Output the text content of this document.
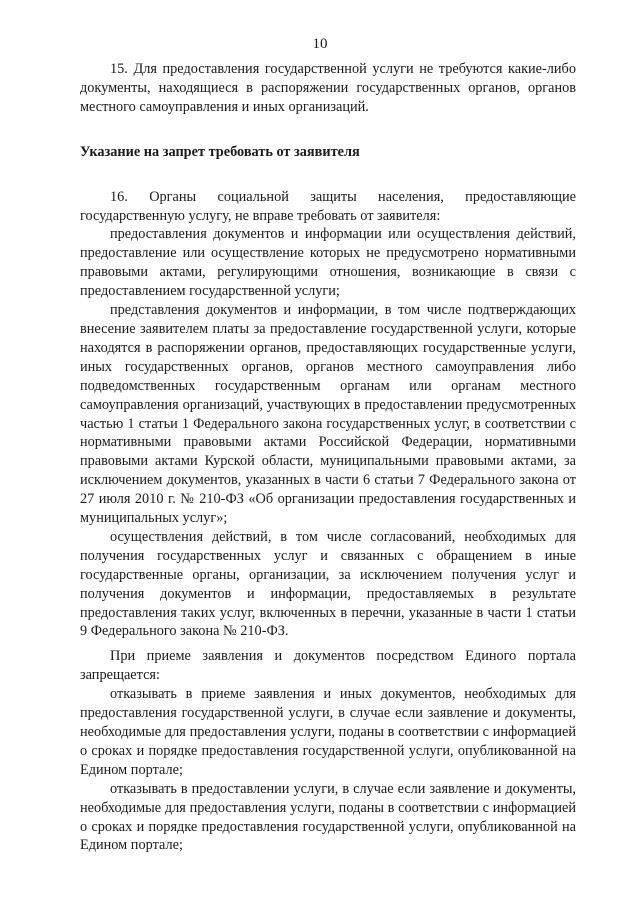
10

15. Для предоставления государственной услуги не требуются какие-либо документы, находящиеся в распоряжении государственных органов, органов местного самоуправления и иных организаций.

Указание на запрет требовать от заявителя

16. Органы социальной защиты населения, предоставляющие государственную услугу, не вправе требовать от заявителя:

предоставления документов и информации или осуществления действий, предоставление или осуществление которых не предусмотрено нормативными правовыми актами, регулирующими отношения, возникающие в связи с предоставлением государственной услуги;

представления документов и информации, в том числе подтверждающих внесение заявителем платы за предоставление государственной услуги, которые находятся в распоряжении органов, предоставляющих государственные услуги, иных государственных органов, органов местного самоуправления либо подведомственных государственным органам или органам местного самоуправления организаций, участвующих в предоставлении предусмотренных частью 1 статьи 1 Федерального закона государственных услуг, в соответствии с нормативными правовыми актами Российской Федерации, нормативными правовыми актами Курской области, муниципальными правовыми актами, за исключением документов, указанных в части 6 статьи 7 Федерального закона от 27 июля 2010 г. № 210-ФЗ «Об организации предоставления государственных и муниципальных услуг»;

осуществления действий, в том числе согласований, необходимых для получения государственных услуг и связанных с обращением в иные государственные органы, организации, за исключением получения услуг и получения документов и информации, предоставляемых в результате предоставления таких услуг, включенных в перечни, указанные в части 1 статьи 9 Федерального закона № 210-ФЗ.

При приеме заявления и документов посредством Единого портала запрещается:

отказывать в приеме заявления и иных документов, необходимых для предоставления государственной услуги, в случае если заявление и документы, необходимые для предоставления услуги, поданы в соответствии с информацией о сроках и порядке предоставления государственной услуги, опубликованной на Едином портале;

отказывать в предоставлении услуги, в случае если заявление и документы, необходимые для предоставления услуги, поданы в соответствии с информацией о сроках и порядке предоставления государственной услуги, опубликованной на Едином портале;
